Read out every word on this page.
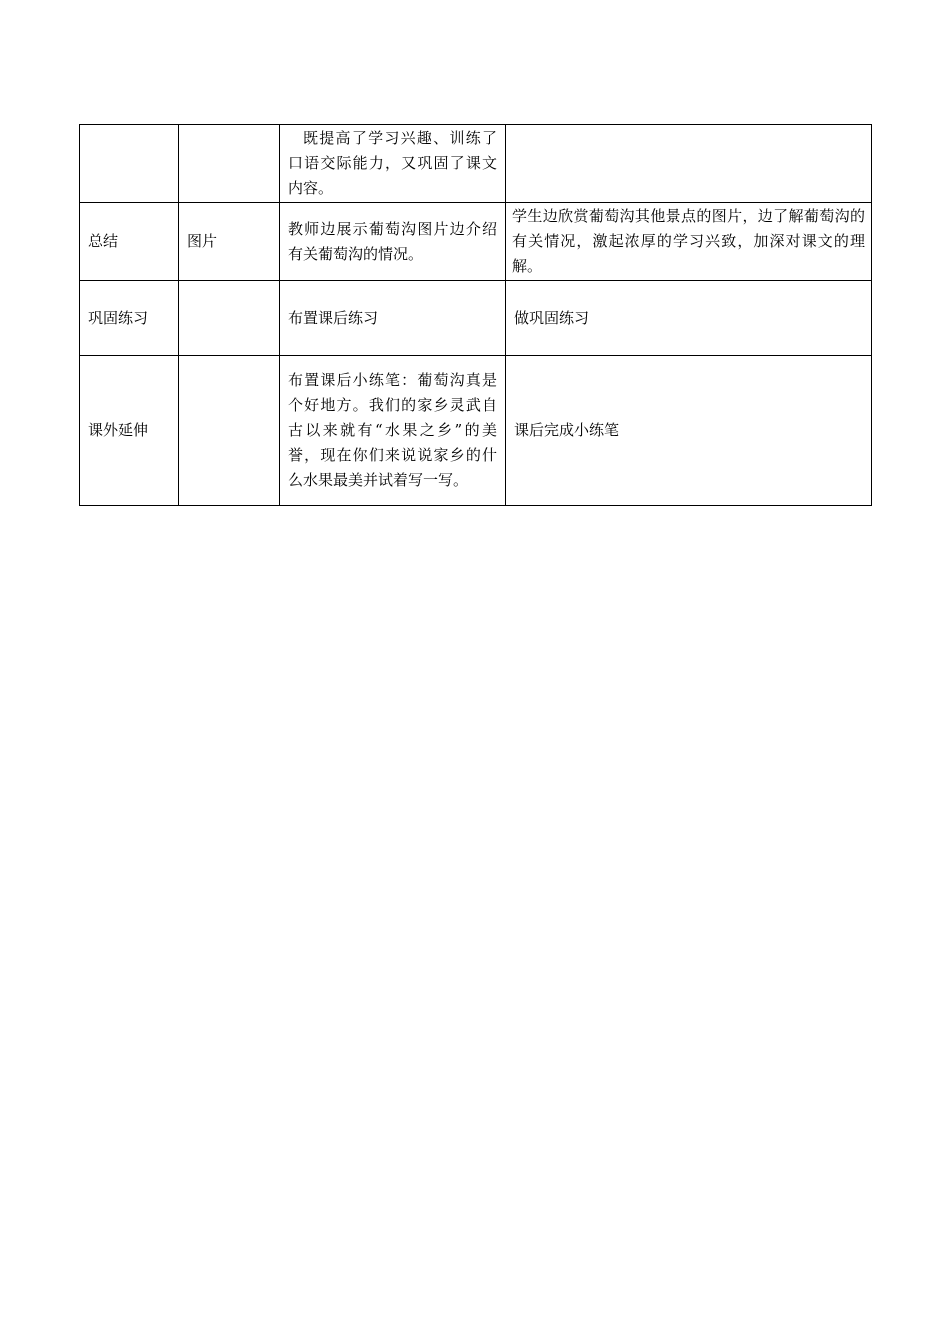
		既提高了学习兴趣、训练了口语交际能力，又巩固了课文内容。	
总结	图片	教师边展示葡萄沟图片边介绍有关葡萄沟的情况。	学生边欣赏葡萄沟其他景点的图片，边了解葡萄沟的有关情况，激起浓厚的学习兴致，加深对课文的理解。
巩固练习		布置课后练习	做巩固练习
课外延伸		布置课后小练笔：葡萄沟真是个好地方。我们的家乡灵武自古以来就有“水果之乡”的美誉，现在你们来说说家乡的什么水果最美并试着写一写。	课后完成小练笔
